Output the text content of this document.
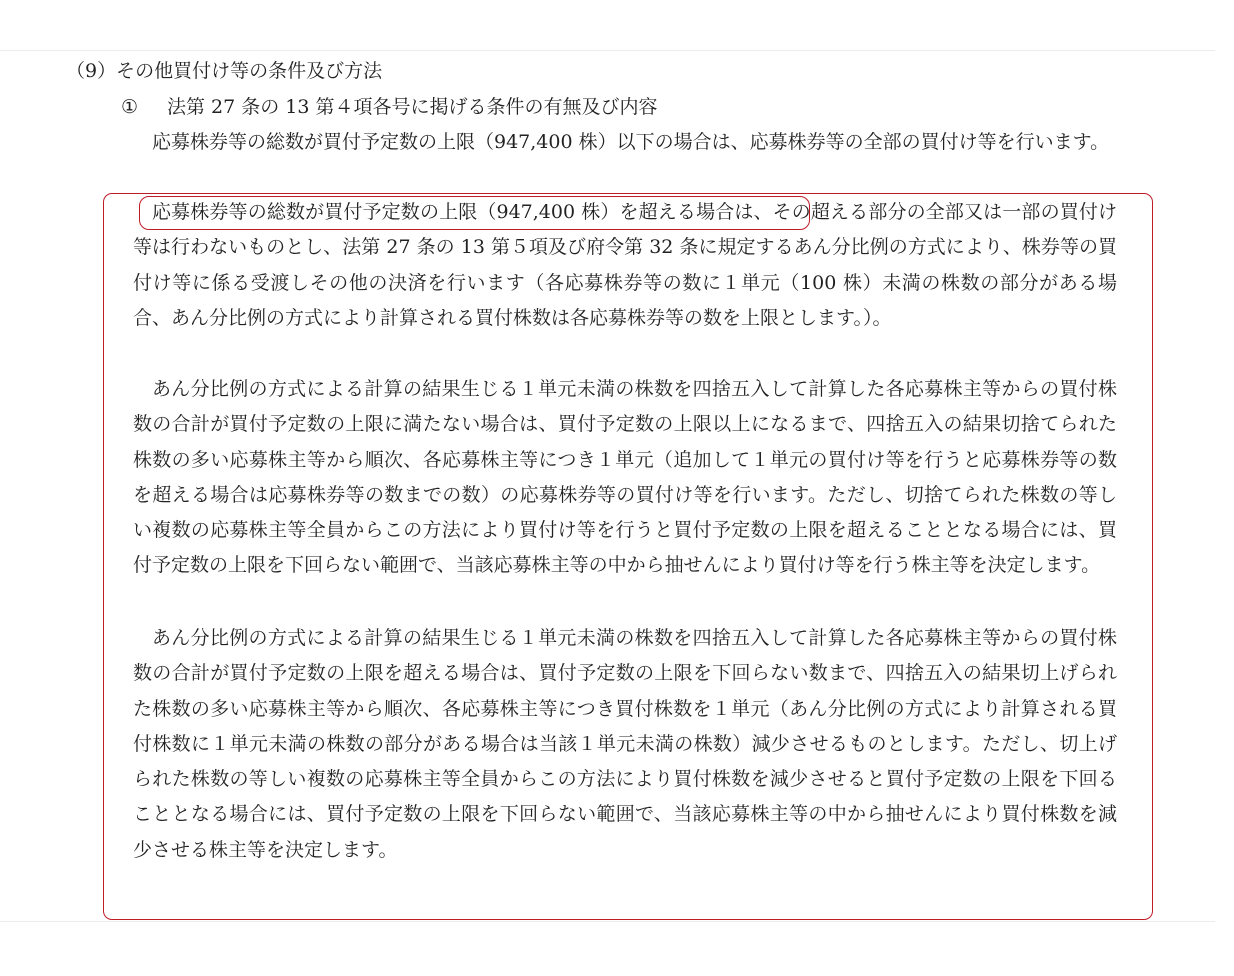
（9）その他買付け等の条件及び方法
① 法第 27 条の 13 第４項各号に掲げる条件の有無及び内容

応募株券等の総数が買付予定数の上限（947,400 株）以下の場合は、応募株券等の全部の買付け等を行います。

応募株券等の総数が買付予定数の上限（947,400 株）を超える場合は、その超える部分の全部又は一部の買付け等は行わないものとし、法第 27 条の 13 第５項及び府令第 32 条に規定するあん分比例の方式により、株券等の買付け等に係る受渡しその他の決済を行います（各応募株券等の数に１単元（100 株）未満の株数の部分がある場合、あん分比例の方式により計算される買付株数は各応募株券等の数を上限とします。）。

あん分比例の方式による計算の結果生じる１単元未満の株数を四捨五入して計算した各応募株主等からの買付株数の合計が買付予定数の上限に満たない場合は、買付予定数の上限以上になるまで、四捨五入の結果切捨てられた株数の多い応募株主等から順次、各応募株主等につき１単元（追加して１単元の買付け等を行うと応募株券等の数を超える場合は応募株券等の数までの数）の応募株券等の買付け等を行います。ただし、切捨てられた株数の等しい複数の応募株主等全員からこの方法により買付け等を行うと買付予定数の上限を超えることとなる場合には、買付予定数の上限を下回らない範囲で、当該応募株主等の中から抽せんにより買付け等を行う株主等を決定します。

あん分比例の方式による計算の結果生じる１単元未満の株数を四捨五入して計算した各応募株主等からの買付株数の合計が買付予定数の上限を超える場合は、買付予定数の上限を下回らない数まで、四捨五入の結果切上げられた株数の多い応募株主等から順次、各応募株主等につき買付株数を１単元（あん分比例の方式により計算される買付株数に１単元未満の株数の部分がある場合は当該１単元未満の株数）減少させるものとします。ただし、切上げられた株数の等しい複数の応募株主等全員からこの方法により買付株数を減少させると買付予定数の上限を下回ることとなる場合には、買付予定数の上限を下回らない範囲で、当該応募株主等の中から抽せんにより買付株数を減少させる株主等を決定します。
